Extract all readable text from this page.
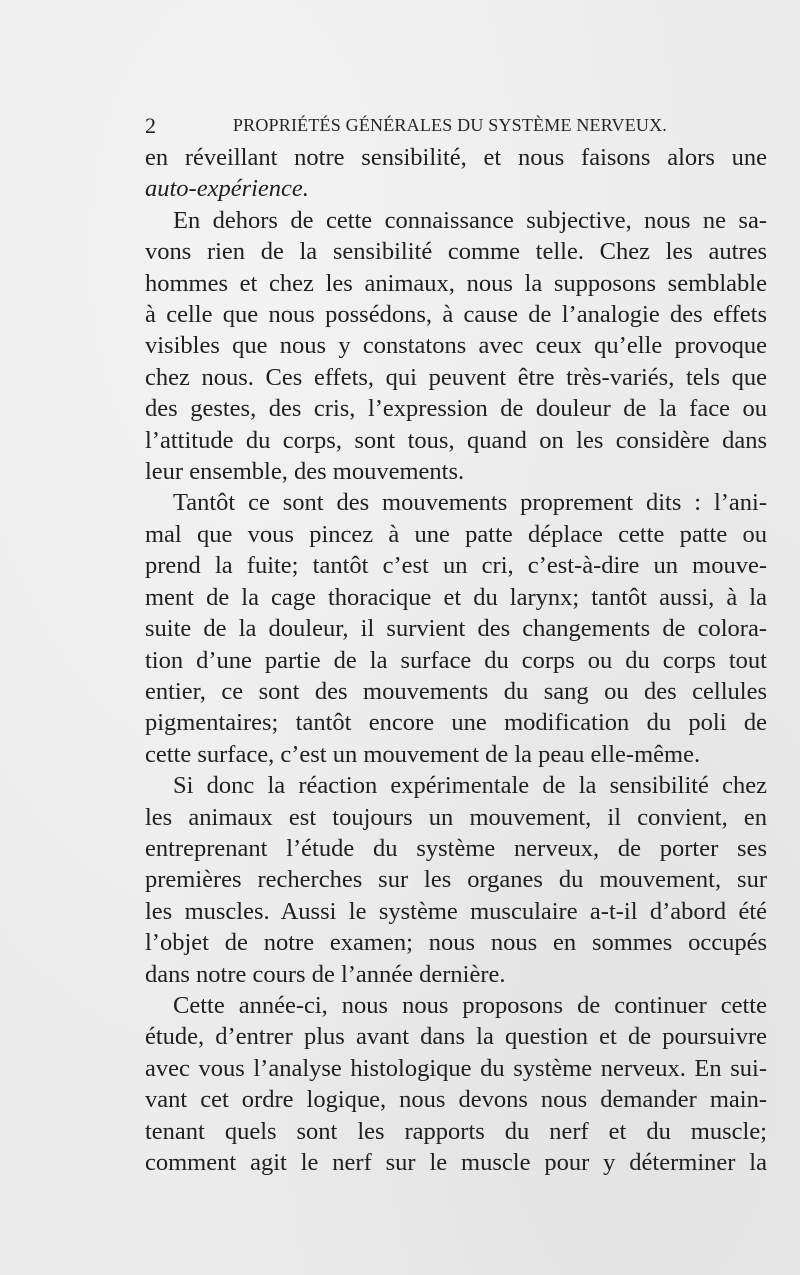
2	PROPRIÉTÉS GÉNÉRALES DU SYSTÈME NERVEUX.

en réveillant notre sensibilité, et nous faisons alors une
auto-expérience.

En dehors de cette connaissance subjective, nous ne sa-
vons rien de la sensibilité comme telle. Chez les autres
hommes et chez les animaux, nous la supposons semblable
à celle que nous possédons, à cause de l’analogie des effets
visibles que nous y constatons avec ceux qu’elle provoque
chez nous. Ces effets, qui peuvent être très-variés, tels que
des gestes, des cris, l’expression de douleur de la face ou
l’attitude du corps, sont tous, quand on les considère dans
leur ensemble, des mouvements.

Tantôt ce sont des mouvements proprement dits : l’ani-
mal que vous pincez à une patte déplace cette patte ou
prend la fuite; tantôt c’est un cri, c’est-à-dire un mouve-
ment de la cage thoracique et du larynx; tantôt aussi, à la
suite de la douleur, il survient des changements de colora-
tion d’une partie de la surface du corps ou du corps tout
entier, ce sont des mouvements du sang ou des cellules
pigmentaires; tantôt encore une modification du poli de
cette surface, c’est un mouvement de la peau elle-même.

Si donc la réaction expérimentale de la sensibilité chez
les animaux est toujours un mouvement, il convient, en
entreprenant l’étude du système nerveux, de porter ses
premières recherches sur les organes du mouvement, sur
les muscles. Aussi le système musculaire a-t-il d’abord été
l’objet de notre examen; nous nous en sommes occupés
dans notre cours de l’année dernière.

Cette année-ci, nous nous proposons de continuer cette
étude, d’entrer plus avant dans la question et de poursuivre
avec vous l’analyse histologique du système nerveux. En sui-
vant cet ordre logique, nous devons nous demander main-
tenant quels sont les rapports du nerf et du muscle;
comment agit le nerf sur le muscle pour y déterminer la
